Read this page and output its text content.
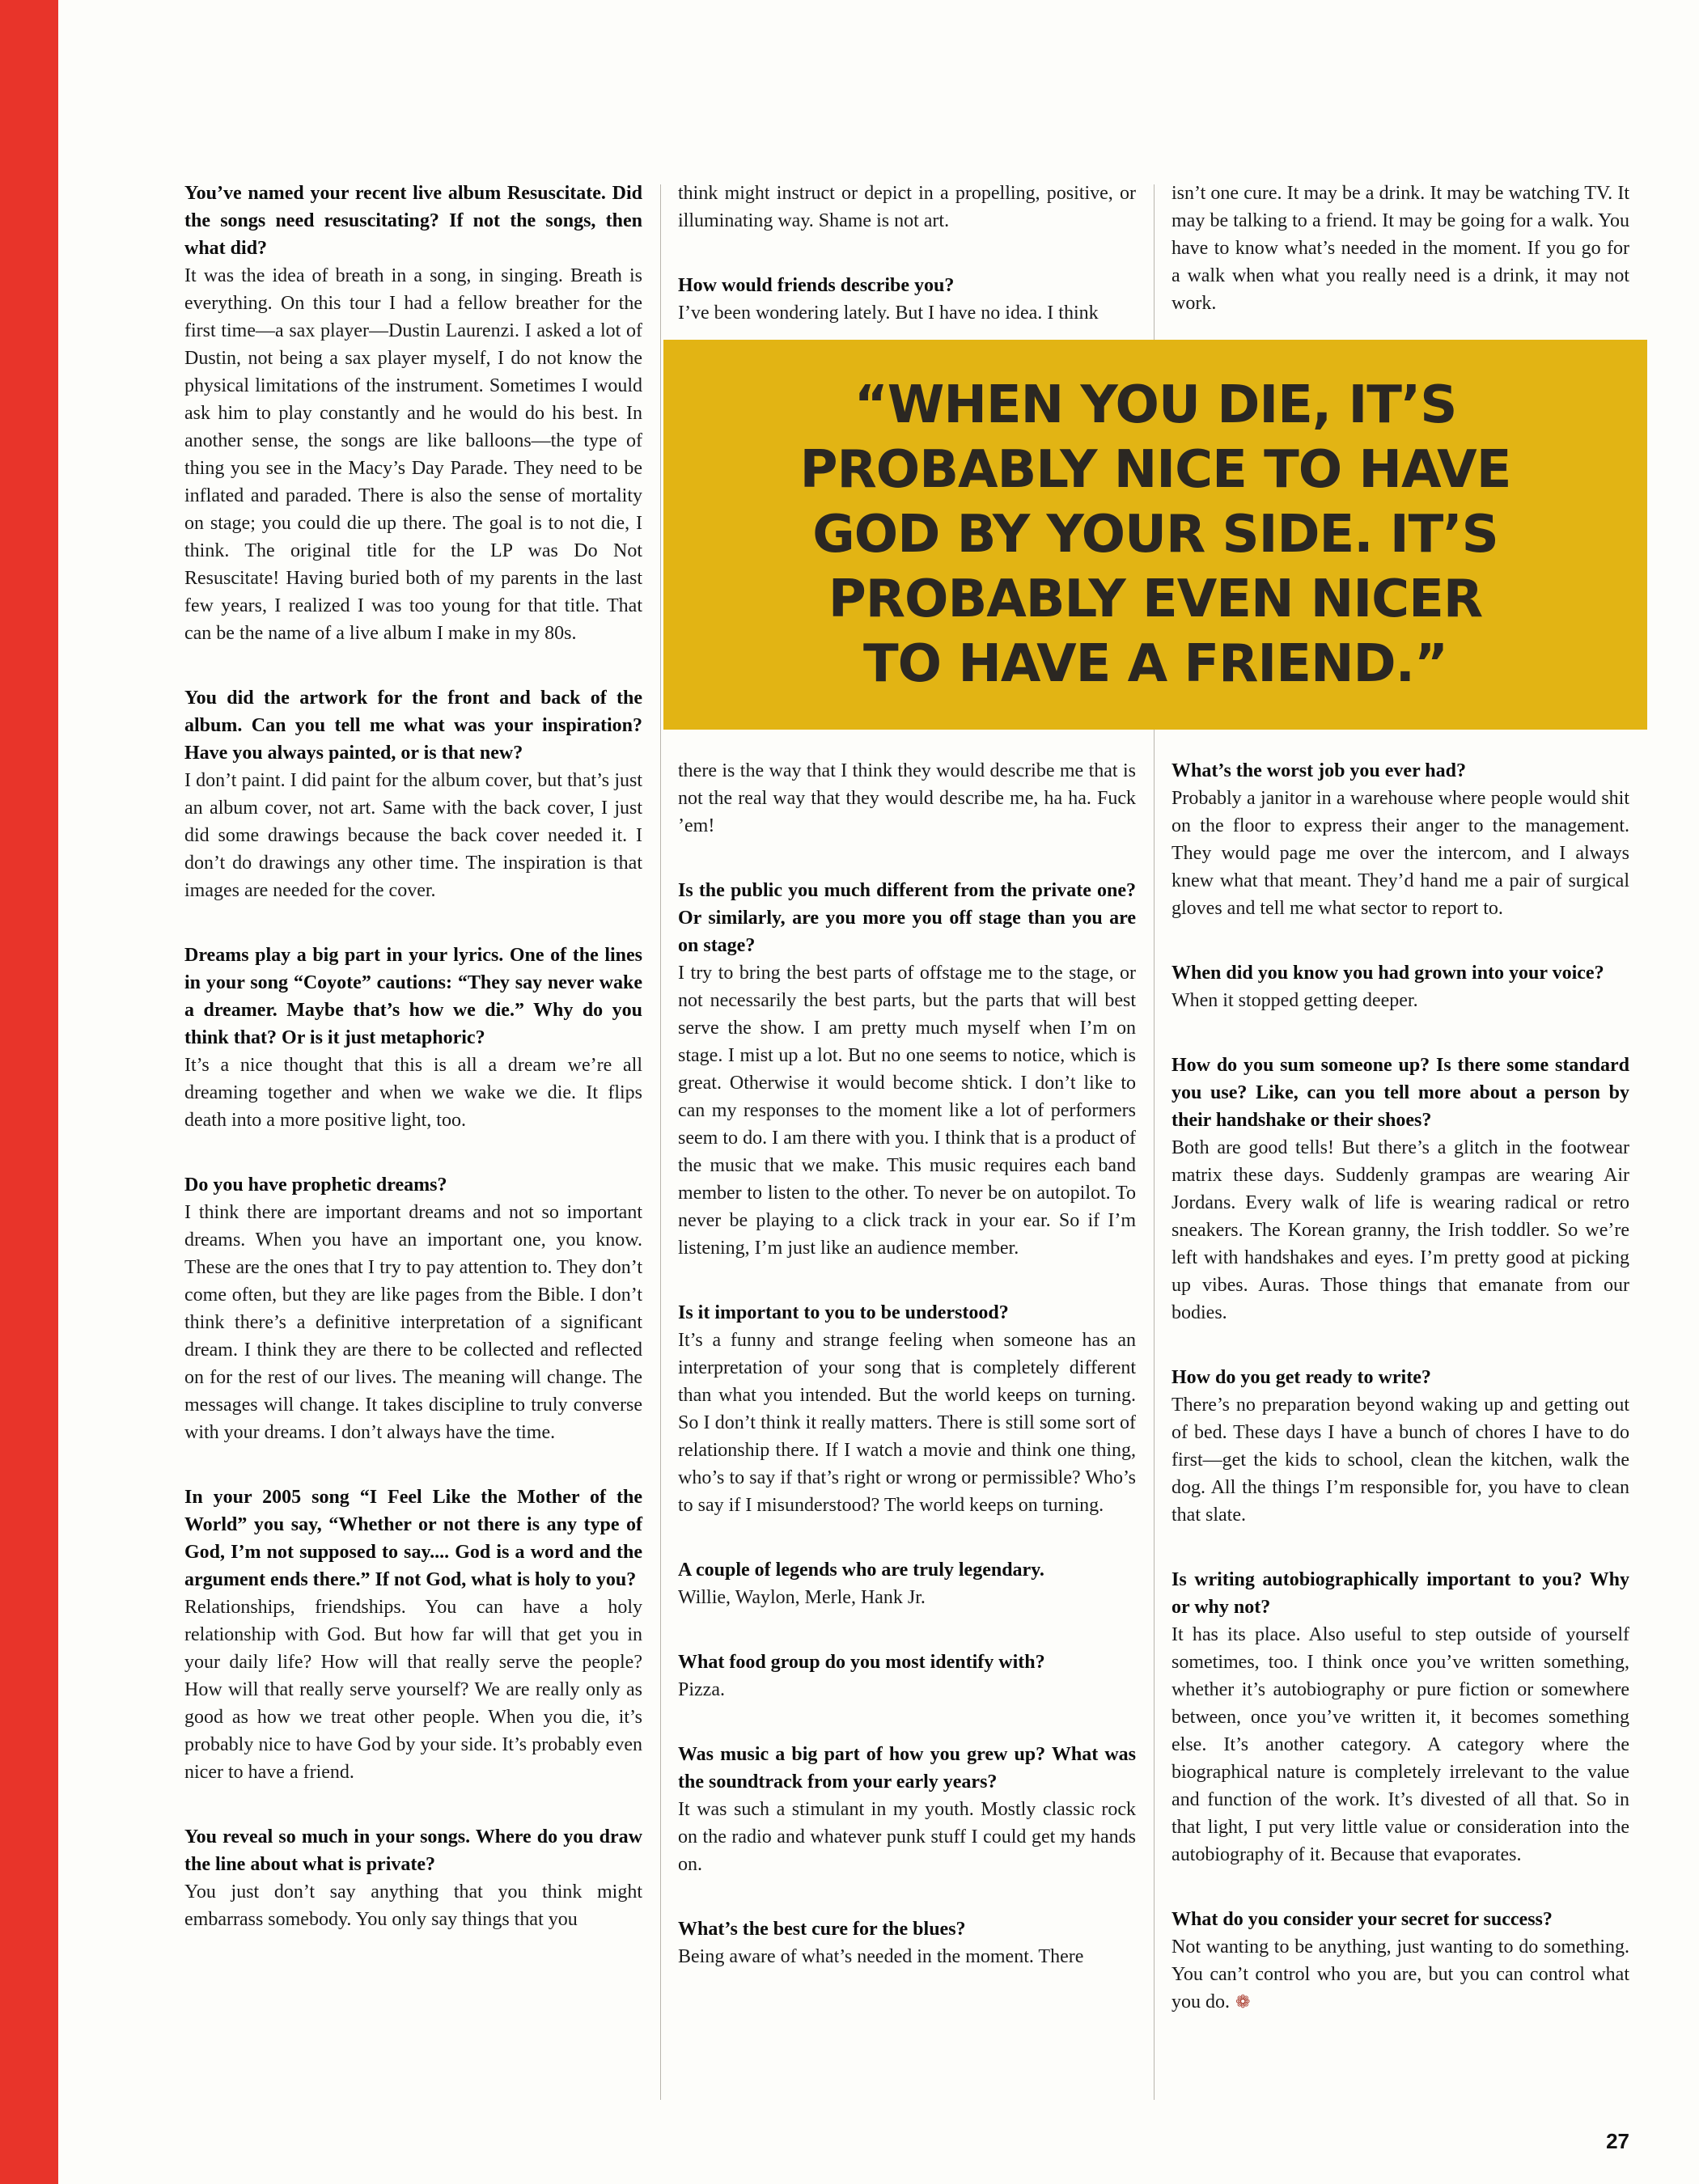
You’ve named your recent live album Resuscitate. Did the songs need resuscitating? If not the songs, then what did?

It was the idea of breath in a song, in singing. Breath is everything. On this tour I had a fellow breather for the first time—a sax player—Dustin Laurenzi. I asked a lot of Dustin, not being a sax player myself, I do not know the physical limitations of the instrument. Sometimes I would ask him to play constantly and he would do his best. In another sense, the songs are like balloons—the type of thing you see in the Macy’s Day Parade. They need to be inflated and paraded. There is also the sense of mortality on stage; you could die up there. The goal is to not die, I think. The original title for the LP was Do Not Resuscitate! Having buried both of my parents in the last few years, I realized I was too young for that title. That can be the name of a live album I make in my 80s.

You did the artwork for the front and back of the album. Can you tell me what was your inspiration? Have you always painted, or is that new?

I don’t paint. I did paint for the album cover, but that’s just an album cover, not art. Same with the back cover, I just did some drawings because the back cover needed it. I don’t do drawings any other time. The inspiration is that images are needed for the cover.

Dreams play a big part in your lyrics. One of the lines in your song “Coyote” cautions: “They say never wake a dreamer. Maybe that’s how we die.” Why do you think that? Or is it just metaphoric?

It’s a nice thought that this is all a dream we’re all dreaming together and when we wake we die. It flips death into a more positive light, too.

Do you have prophetic dreams?

I think there are important dreams and not so important dreams. When you have an important one, you know. These are the ones that I try to pay attention to. They don’t come often, but they are like pages from the Bible. I don’t think there’s a definitive interpretation of a significant dream. I think they are there to be collected and reflected on for the rest of our lives. The meaning will change. The messages will change. It takes discipline to truly converse with your dreams. I don’t always have the time.

In your 2005 song “I Feel Like the Mother of the World” you say, “Whether or not there is any type of God, I’m not supposed to say.... God is a word and the argument ends there.” If not God, what is holy to you?

Relationships, friendships. You can have a holy relationship with God. But how far will that get you in your daily life? How will that really serve the people? How will that really serve yourself? We are really only as good as how we treat other people. When you die, it’s probably nice to have God by your side. It’s probably even nicer to have a friend.

You reveal so much in your songs. Where do you draw the line about what is private?

You just don’t say anything that you think might embarrass somebody. You only say things that you

think might instruct or depict in a propelling, positive, or illuminating way. Shame is not art.

How would friends describe you?

I’ve been wondering lately. But I have no idea. I think

isn’t one cure. It may be a drink. It may be watching TV. It may be talking to a friend. It may be going for a walk. You have to know what’s needed in the moment. If you go for a walk when what you really need is a drink, it may not work.

“WHEN YOU DIE, IT’S
PROBABLY NICE TO HAVE
GOD BY YOUR SIDE. IT’S
PROBABLY EVEN NICER
TO HAVE A FRIEND.”

there is the way that I think they would describe me that is not the real way that they would describe me, ha ha. Fuck ’em!

Is the public you much different from the private one? Or similarly, are you more you off stage than you are on stage?

I try to bring the best parts of offstage me to the stage, or not necessarily the best parts, but the parts that will best serve the show. I am pretty much myself when I’m on stage. I mist up a lot. But no one seems to notice, which is great. Otherwise it would become shtick. I don’t like to can my responses to the moment like a lot of performers seem to do. I am there with you. I think that is a product of the music that we make. This music requires each band member to listen to the other. To never be on autopilot. To never be playing to a click track in your ear. So if I’m listening, I’m just like an audience member.

Is it important to you to be understood?

It’s a funny and strange feeling when someone has an interpretation of your song that is completely different than what you intended. But the world keeps on turning. So I don’t think it really matters. There is still some sort of relationship there. If I watch a movie and think one thing, who’s to say if that’s right or wrong or permissible? Who’s to say if I misunderstood? The world keeps on turning.

A couple of legends who are truly legendary.

Willie, Waylon, Merle, Hank Jr.

What food group do you most identify with?

Pizza.

Was music a big part of how you grew up? What was the soundtrack from your early years?

It was such a stimulant in my youth. Mostly classic rock on the radio and whatever punk stuff I could get my hands on.

What’s the best cure for the blues?

Being aware of what’s needed in the moment. There

What’s the worst job you ever had?

Probably a janitor in a warehouse where people would shit on the floor to express their anger to the management. They would page me over the intercom, and I always knew what that meant. They’d hand me a pair of surgical gloves and tell me what sector to report to.

When did you know you had grown into your voice?

When it stopped getting deeper.

How do you sum someone up? Is there some standard you use? Like, can you tell more about a person by their handshake or their shoes?

Both are good tells! But there’s a glitch in the footwear matrix these days. Suddenly grampas are wearing Air Jordans. Every walk of life is wearing radical or retro sneakers. The Korean granny, the Irish toddler. So we’re left with handshakes and eyes. I’m pretty good at picking up vibes. Auras. Those things that emanate from our bodies.

How do you get ready to write?

There’s no preparation beyond waking up and getting out of bed. These days I have a bunch of chores I have to do first—get the kids to school, clean the kitchen, walk the dog. All the things I’m responsible for, you have to clean that slate.

Is writing autobiographically important to you? Why or why not?

It has its place. Also useful to step outside of yourself sometimes, too. I think once you’ve written something, whether it’s autobiography or pure fiction or somewhere between, once you’ve written it, it becomes something else. It’s another category. A category where the biographical nature is completely irrelevant to the value and function of the work. It’s divested of all that. So in that light, I put very little value or consideration into the autobiography of it. Because that evaporates.

What do you consider your secret for success?

Not wanting to be anything, just wanting to do something. You can’t control who you are, but you can control what you do. ❁

27
